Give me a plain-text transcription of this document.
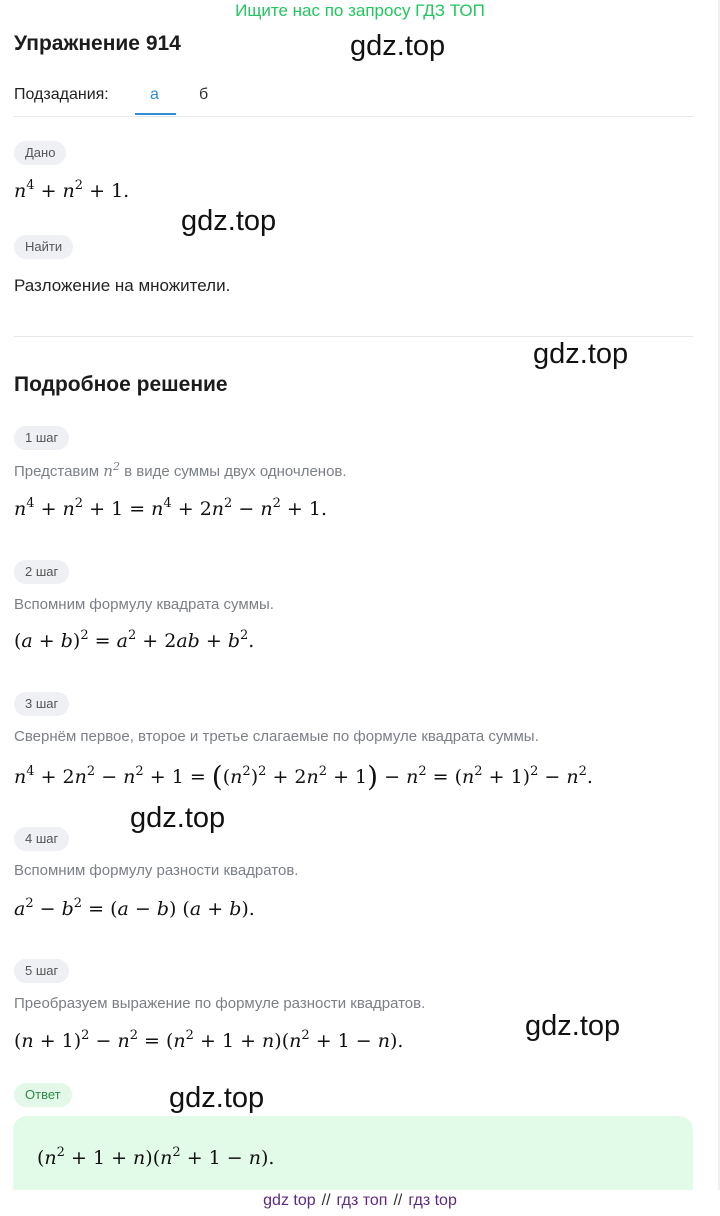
Ищите нас по запросу ГДЗ ТОП
Упражнение 914	gdz.top
gdz.top
gdz.top
gdz.top
gdz.top
gdz.top
Подзадания:	а	б
Дано
$n^4 + n^2 + 1$.
Найти
Разложение на множители.
Подробное решение
1 шаг
Представим $n^2$ в виде суммы двух одночленов.
$n^4 + n^2 + 1 = n^4 + 2n^2 - n^2 + 1$.
2 шаг
Вспомним формулу квадрата суммы.
$(a + b)^2 = a^2 + 2ab + b^2$.
3 шаг
Свернём первое, второе и третье слагаемые по формуле квадрата суммы.
$n^4 + 2n^2 - n^2 + 1 = ((n^2)^2 + 2n^2 + 1) - n^2 = (n^2 + 1)^2 - n^2$.
4 шаг
Вспомним формулу разности квадратов.
$a^2 - b^2 = (a - b) (a + b)$.
5 шаг
Преобразуем выражение по формуле разности квадратов.
$(n + 1)^2 - n^2 = (n^2 + 1 + n)(n^2 + 1 - n)$.
Ответ
$(n^2 + 1 + n)(n^2 + 1 - n)$.
gdz top // гдз топ // гдз top
